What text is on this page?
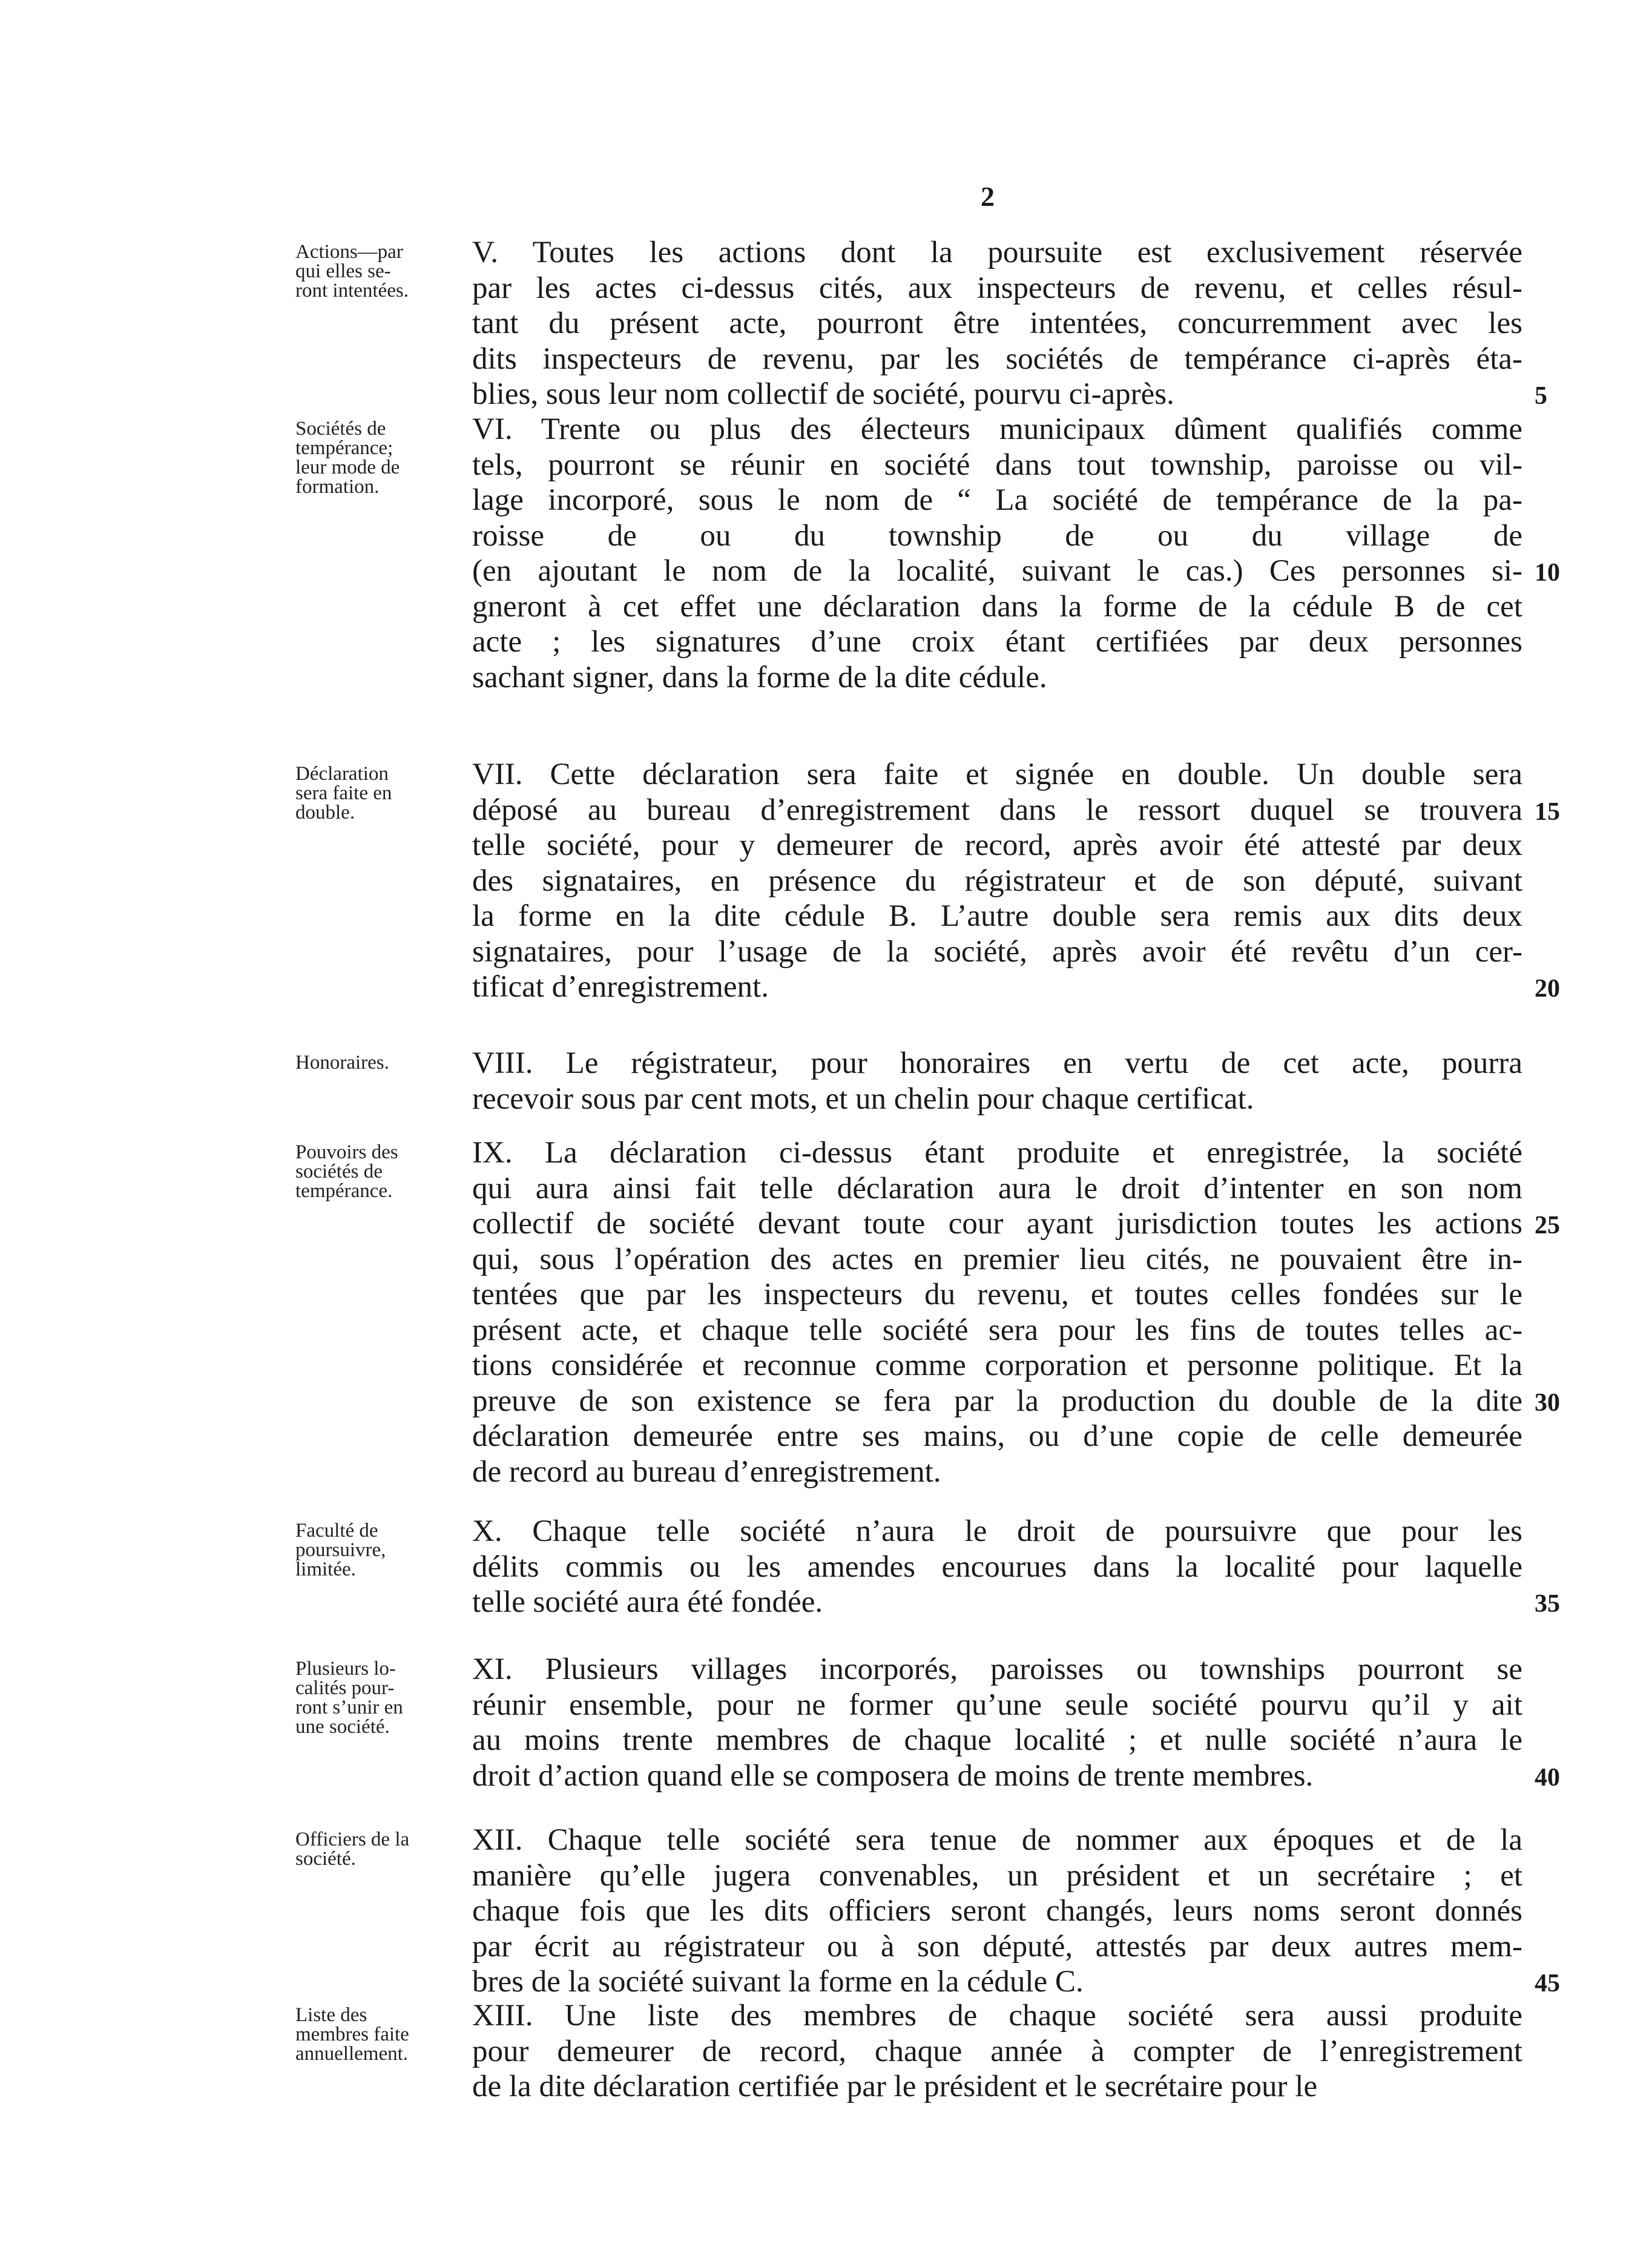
2
Actions—par
qui elles se-
ront intentées.
V. Toutes les actions dont la poursuite est exclusivement réservée
par les actes ci-dessus cités, aux inspecteurs de revenu, et celles résul-
tant du présent acte, pourront être intentées, concurremment avec les
dits inspecteurs de revenu, par les sociétés de tempérance ci-après éta-
blies, sous leur nom collectif de société, pourvu ci-après.	5
Sociétés de
tempérance;
leur mode de
formation.
VI. Trente ou plus des électeurs municipaux dûment qualifiés comme
tels, pourront se réunir en société dans tout township, paroisse ou vil-
lage incorporé, sous le nom de “ La société de tempérance de la pa-
roisse de ou du township de ou du village de
(en ajoutant le nom de la localité, suivant le cas.) Ces personnes si-
gneront à cet effet une déclaration dans la forme de la cédule B de cet
acte ; les signatures d’une croix étant certifiées par deux personnes
sachant signer, dans la forme de la dite cédule.
10
Déclaration
sera faite en
double.
VII. Cette déclaration sera faite et signée en double. Un double sera
déposé au bureau d’enregistrement dans le ressort duquel se trouvera
telle société, pour y demeurer de record, après avoir été attesté par deux
des signataires, en présence du régistrateur et de son député, suivant
la forme en la dite cédule B. L’autre double sera remis aux dits deux
signataires, pour l’usage de la société, après avoir été revêtu d’un cer-
tificat d’enregistrement.
15
20
Honoraires.	VIII. Le régistrateur, pour honoraires en vertu de cet acte, pourra
recevoir sous par cent mots, et un chelin pour chaque certificat.
Pouvoirs des
sociétés de
tempérance.
IX. La déclaration ci-dessus étant produite et enregistrée, la société
qui aura ainsi fait telle déclaration aura le droit d’intenter en son nom
collectif de société devant toute cour ayant jurisdiction toutes les actions
qui, sous l’opération des actes en premier lieu cités, ne pouvaient être in-
tentées que par les inspecteurs du revenu, et toutes celles fondées sur le
présent acte, et chaque telle société sera pour les fins de toutes telles ac-
tions considérée et reconnue comme corporation et personne politique. Et la
preuve de son existence se fera par la production du double de la dite
déclaration demeurée entre ses mains, ou d’une copie de celle demeurée
de record au bureau d’enregistrement.
25
30
Faculté de
poursuivre,
limitée.
X. Chaque telle société n’aura le droit de poursuivre que pour les
délits commis ou les amendes encourues dans la localité pour laquelle
telle société aura été fondée.	35
Plusieurs lo-
calités pour-
ront s’unir en
une société.
XI. Plusieurs villages incorporés, paroisses ou townships pourront se
réunir ensemble, pour ne former qu’une seule société pourvu qu’il y ait
au moins trente membres de chaque localité ; et nulle société n’aura le
droit d’action quand elle se composera de moins de trente membres.	40
Officiers de la
société.
XII. Chaque telle société sera tenue de nommer aux époques et de la
manière qu’elle jugera convenables, un président et un secrétaire ; et
chaque fois que les dits officiers seront changés, leurs noms seront donnés
par écrit au régistrateur ou à son député, attestés par deux autres mem-
bres de la société suivant la forme en la cédule C.	45
Liste des
membres faite
annuellement.
XIII. Une liste des membres de chaque société sera aussi produite
pour demeurer de record, chaque année à compter de l’enregistrement
de la dite déclaration certifiée par le président et le secrétaire pour le
